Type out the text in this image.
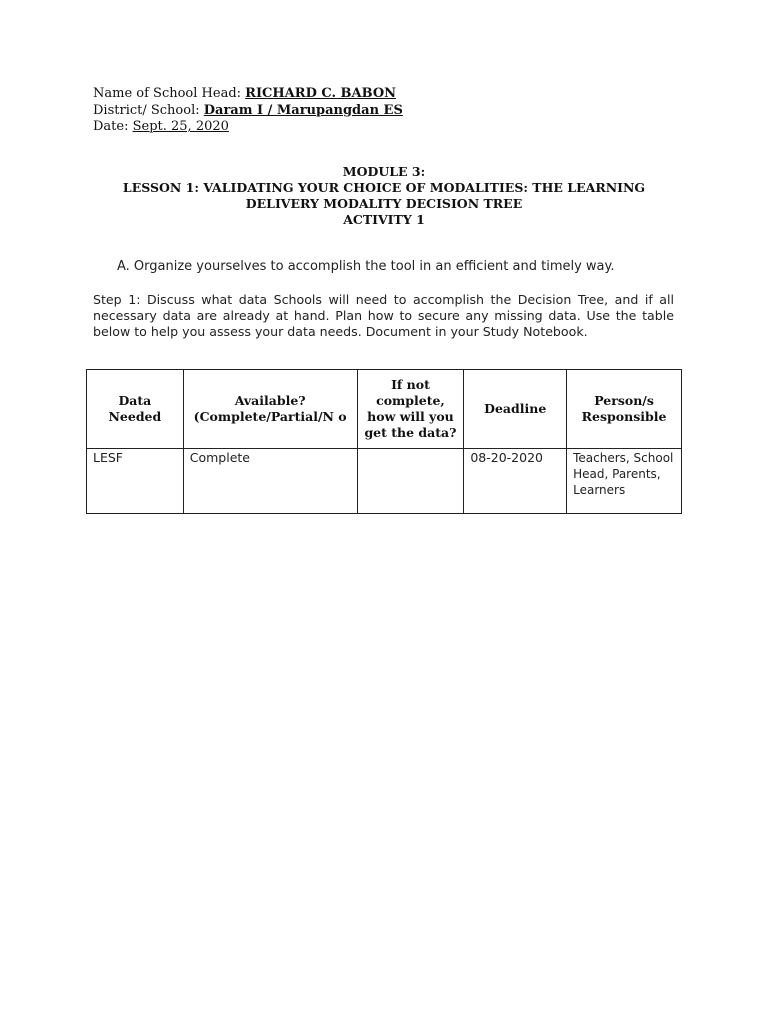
Name of School Head: RICHARD C. BABON
District/ School: Daram I / Marupangdan ES
Date: Sept. 25, 2020
MODULE 3:
LESSON 1: VALIDATING YOUR CHOICE OF MODALITIES: THE LEARNING DELIVERY MODALITY DECISION TREE
ACTIVITY 1
A. Organize yourselves to accomplish the tool in an efficient and timely way.
Step 1: Discuss what data Schools will need to accomplish the Decision Tree, and if all necessary data are already at hand. Plan how to secure any missing data. Use the table below to help you assess your data needs. Document in your Study Notebook.
Data Needed	Available? (Complete/Partial/N o	If not complete, how will you get the data?	Deadline	Person/s Responsible
LESF	Complete		08-20-2020	Teachers, School Head, Parents, Learners
